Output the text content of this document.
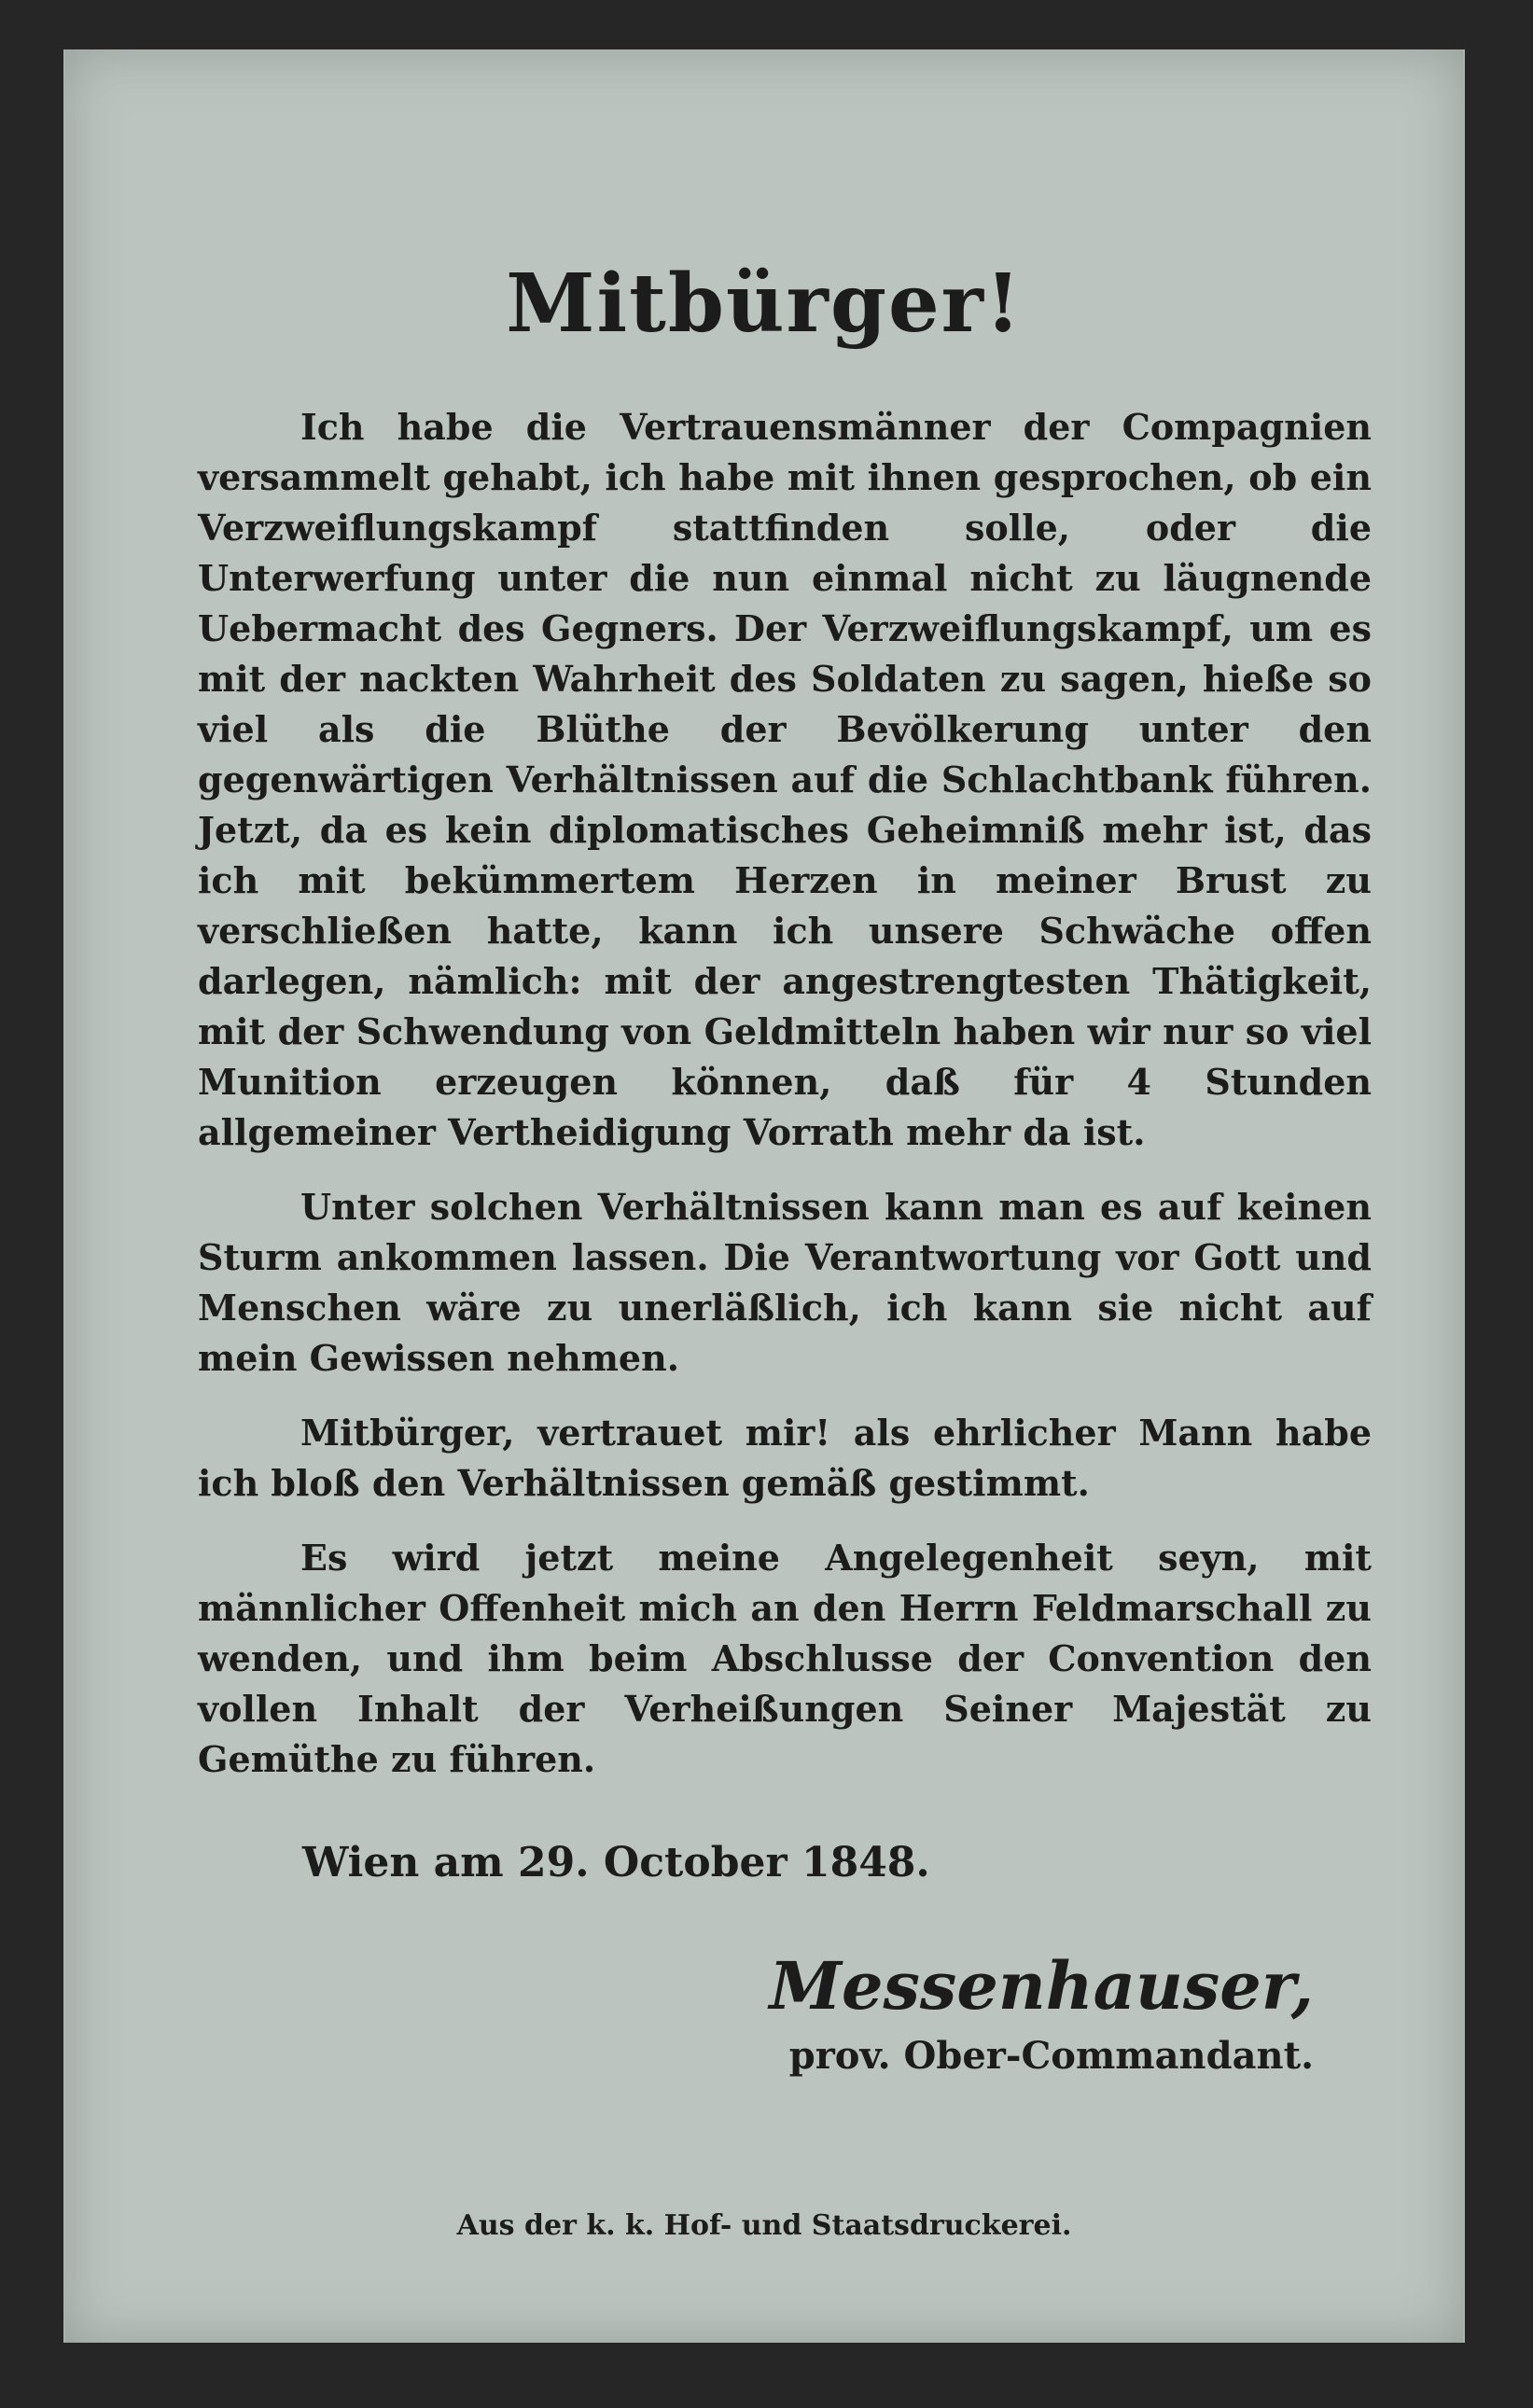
Mitbürger!

Ich habe die Vertrauensmänner der Compagnien versammelt gehabt, ich habe mit ihnen gesprochen, ob ein Verzweiflungskampf stattfinden solle, oder die Unterwerfung unter die nun einmal nicht zu läugnende Uebermacht des Gegners. Der Verzweiflungskampf, um es mit der nackten Wahrheit des Soldaten zu sagen, hieße so viel als die Blüthe der Bevölkerung unter den gegenwärtigen Verhältnissen auf die Schlachtbank führen. Jetzt, da es kein diplomatisches Geheimniß mehr ist, das ich mit bekümmertem Herzen in meiner Brust zu verschließen hatte, kann ich unsere Schwäche offen darlegen, nämlich: mit der angestrengtesten Thätigkeit, mit der Schwendung von Geldmitteln haben wir nur so viel Munition erzeugen können, daß für 4 Stunden allgemeiner Vertheidigung Vorrath mehr da ist.

Unter solchen Verhältnissen kann man es auf keinen Sturm ankommen lassen. Die Verantwortung vor Gott und Menschen wäre zu unerläßlich, ich kann sie nicht auf mein Gewissen nehmen.

Mitbürger, vertrauet mir! als ehrlicher Mann habe ich bloß den Verhältnissen gemäß gestimmt.

Es wird jetzt meine Angelegenheit seyn, mit männlicher Offenheit mich an den Herrn Feldmarschall zu wenden, und ihm beim Abschlusse der Convention den vollen Inhalt der Verheißungen Seiner Majestät zu Gemüthe zu führen.

Wien am 29. October 1848.
Messenhauser,
prov. Ober-Commandant.
Aus der k. k. Hof- und Staatsdruckerei.
